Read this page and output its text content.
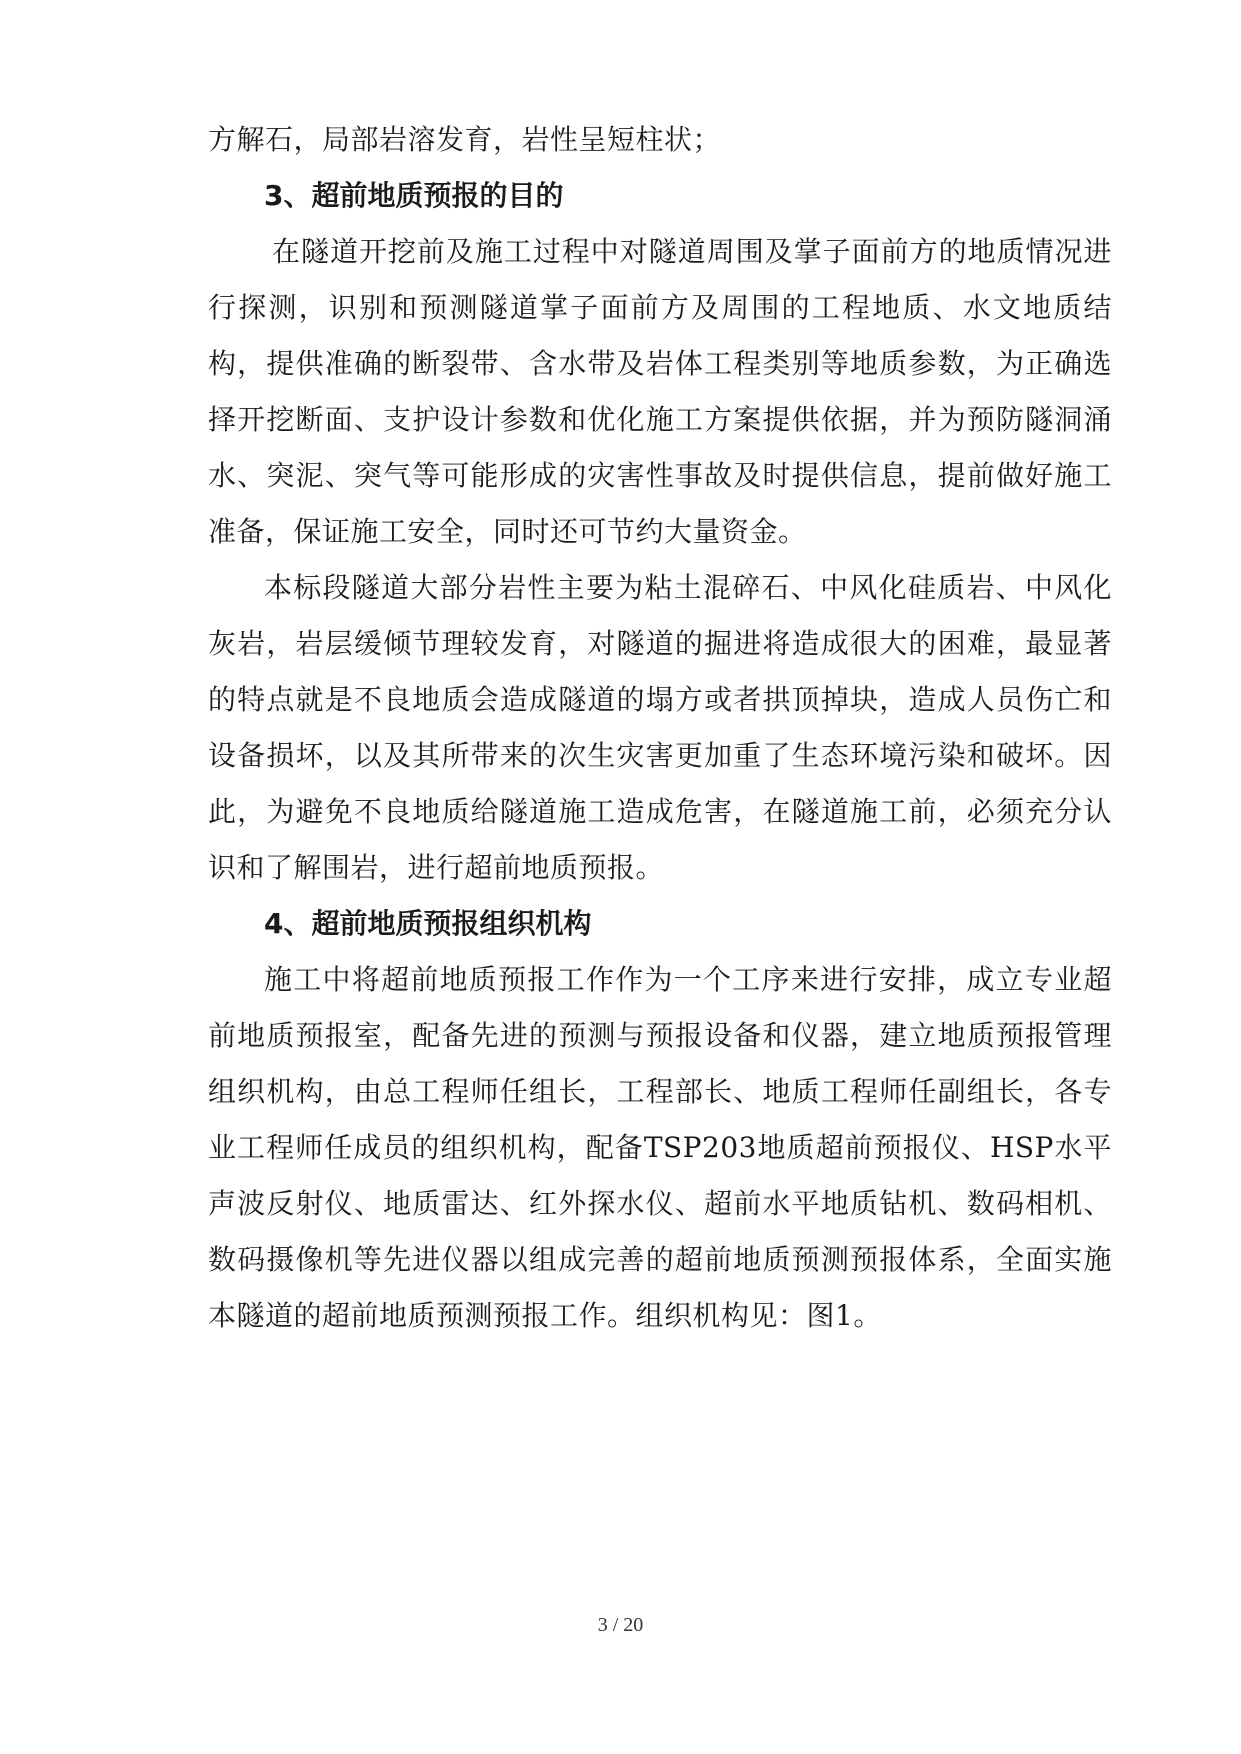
方解石，局部岩溶发育，岩性呈短柱状；

3、超前地质预报的目的

在隧道开挖前及施工过程中对隧道周围及掌子面前方的地质情况进行探测，识别和预测隧道掌子面前方及周围的工程地质、水文地质结构，提供准确的断裂带、含水带及岩体工程类别等地质参数，为正确选择开挖断面、支护设计参数和优化施工方案提供依据，并为预防隧洞涌水、突泥、突气等可能形成的灾害性事故及时提供信息，提前做好施工准备，保证施工安全，同时还可节约大量资金。

本标段隧道大部分岩性主要为粘土混碎石、中风化硅质岩、中风化灰岩，岩层缓倾节理较发育，对隧道的掘进将造成很大的困难，最显著的特点就是不良地质会造成隧道的塌方或者拱顶掉块，造成人员伤亡和设备损坏，以及其所带来的次生灾害更加重了生态环境污染和破坏。因此，为避免不良地质给隧道施工造成危害，在隧道施工前，必须充分认识和了解围岩，进行超前地质预报。

4、超前地质预报组织机构

施工中将超前地质预报工作作为一个工序来进行安排，成立专业超前地质预报室，配备先进的预测与预报设备和仪器，建立地质预报管理组织机构，由总工程师任组长，工程部长、地质工程师任副组长，各专业工程师任成员的组织机构，配备TSP203地质超前预报仪、HSP水平声波反射仪、地质雷达、红外探水仪、超前水平地质钻机、数码相机、数码摄像机等先进仪器以组成完善的超前地质预测预报体系，全面实施本隧道的超前地质预测预报工作。组织机构见：图1。

3 / 20
